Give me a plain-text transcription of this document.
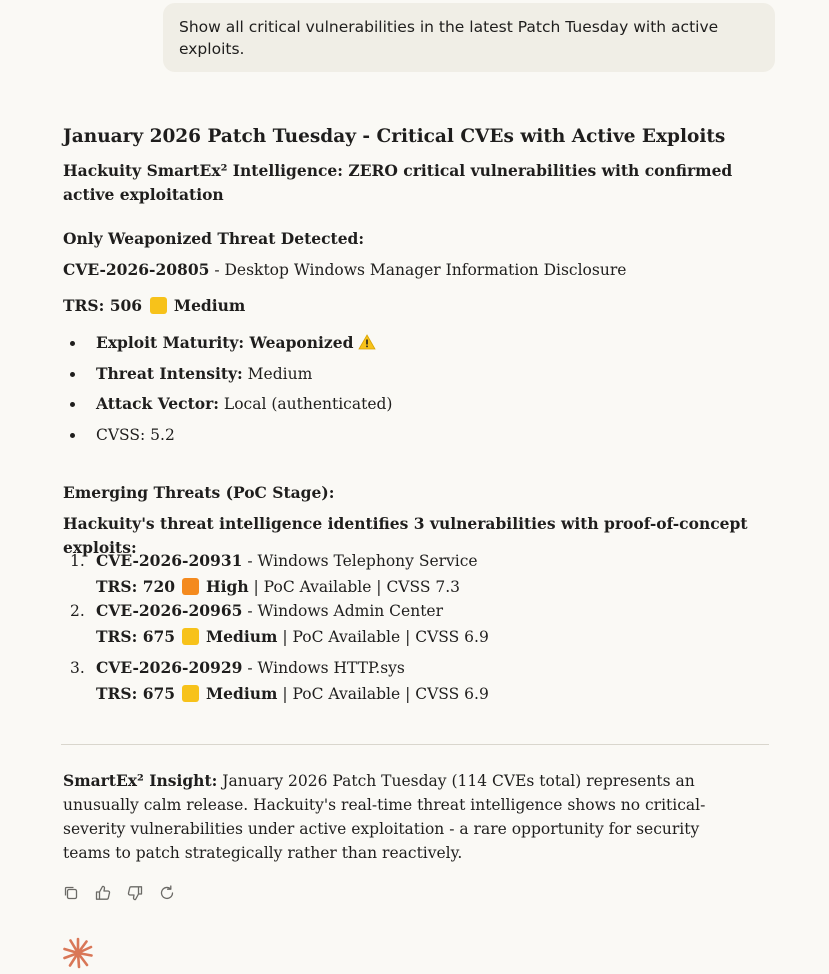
Show all critical vulnerabilities in the latest Patch Tuesday with active exploits.
January 2026 Patch Tuesday - Critical CVEs with Active Exploits
Hackuity SmartEx² Intelligence: ZERO critical vulnerabilities with confirmed active exploitation
Only Weaponized Threat Detected:
CVE-2026-20805 - Desktop Windows Manager Information Disclosure
TRS: 506 Medium
Exploit Maturity: Weaponized
Threat Intensity: Medium
Attack Vector: Local (authenticated)
CVSS: 5.2
Emerging Threats (PoC Stage):
Hackuity's threat intelligence identifies 3 vulnerabilities with proof-of-concept exploits:
1. CVE-2026-20931 - Windows Telephony Service
TRS: 720 High | PoC Available | CVSS 7.3
2. CVE-2026-20965 - Windows Admin Center
TRS: 675 Medium | PoC Available | CVSS 6.9
3. CVE-2026-20929 - Windows HTTP.sys
TRS: 675 Medium | PoC Available | CVSS 6.9
SmartEx² Insight: January 2026 Patch Tuesday (114 CVEs total) represents an unusually calm release. Hackuity's real-time threat intelligence shows no critical-severity vulnerabilities under active exploitation - a rare opportunity for security teams to patch strategically rather than reactively.
